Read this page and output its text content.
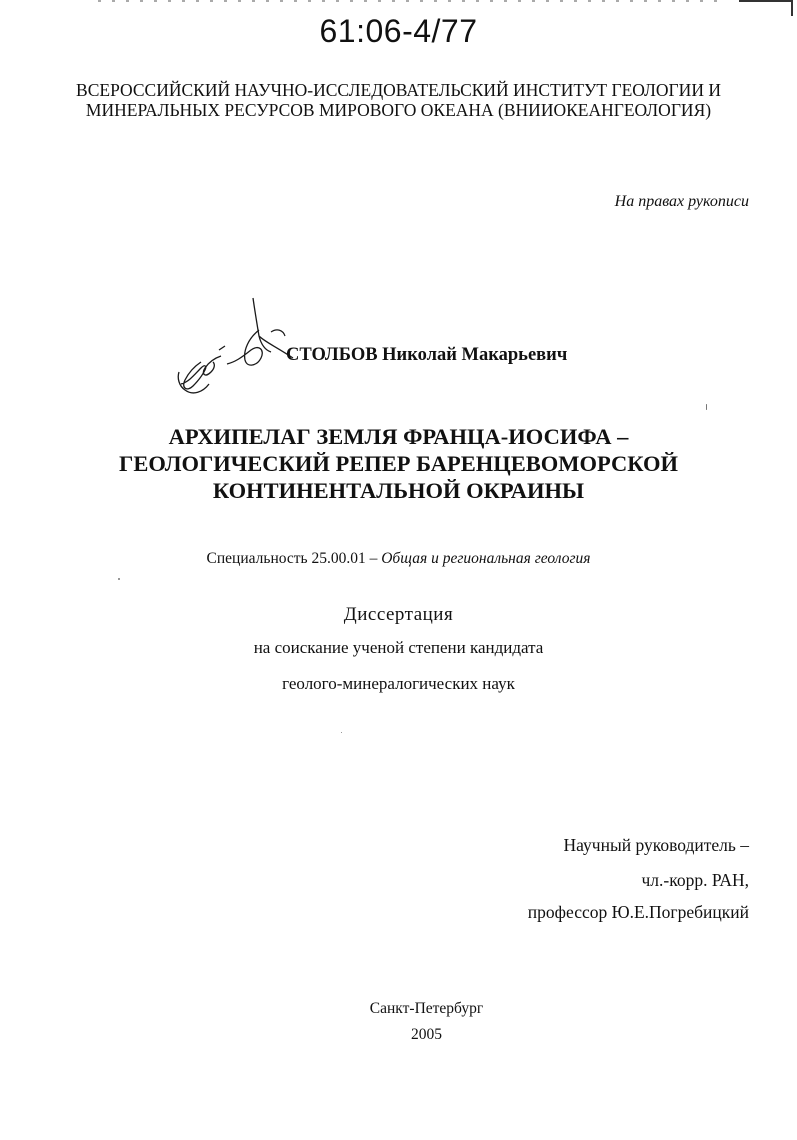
61:06-4/77
ВСЕРОССИЙСКИЙ НАУЧНО-ИССЛЕДОВАТЕЛЬСКИЙ ИНСТИТУТ ГЕОЛОГИИ И
МИНЕРАЛЬНЫХ РЕСУРСОВ МИРОВОГО ОКЕАНА (ВНИИОКЕАНГЕОЛОГИЯ)
На правах рукописи
СТОЛБОВ Николай Макарьевич
АРХИПЕЛАГ ЗЕМЛЯ ФРАНЦА-ИОСИФА –
ГЕОЛОГИЧЕСКИЙ РЕПЕР БАРЕНЦЕВОМОРСКОЙ
КОНТИНЕНТАЛЬНОЙ ОКРАИНЫ
Специальность 25.00.01 – Общая и региональная геология
Диссертация
на соискание ученой степени кандидата
геолого-минералогических наук
Научный руководитель –
чл.-корр. РАН,
профессор Ю.Е.Погребицкий
Санкт-Петербург
2005
